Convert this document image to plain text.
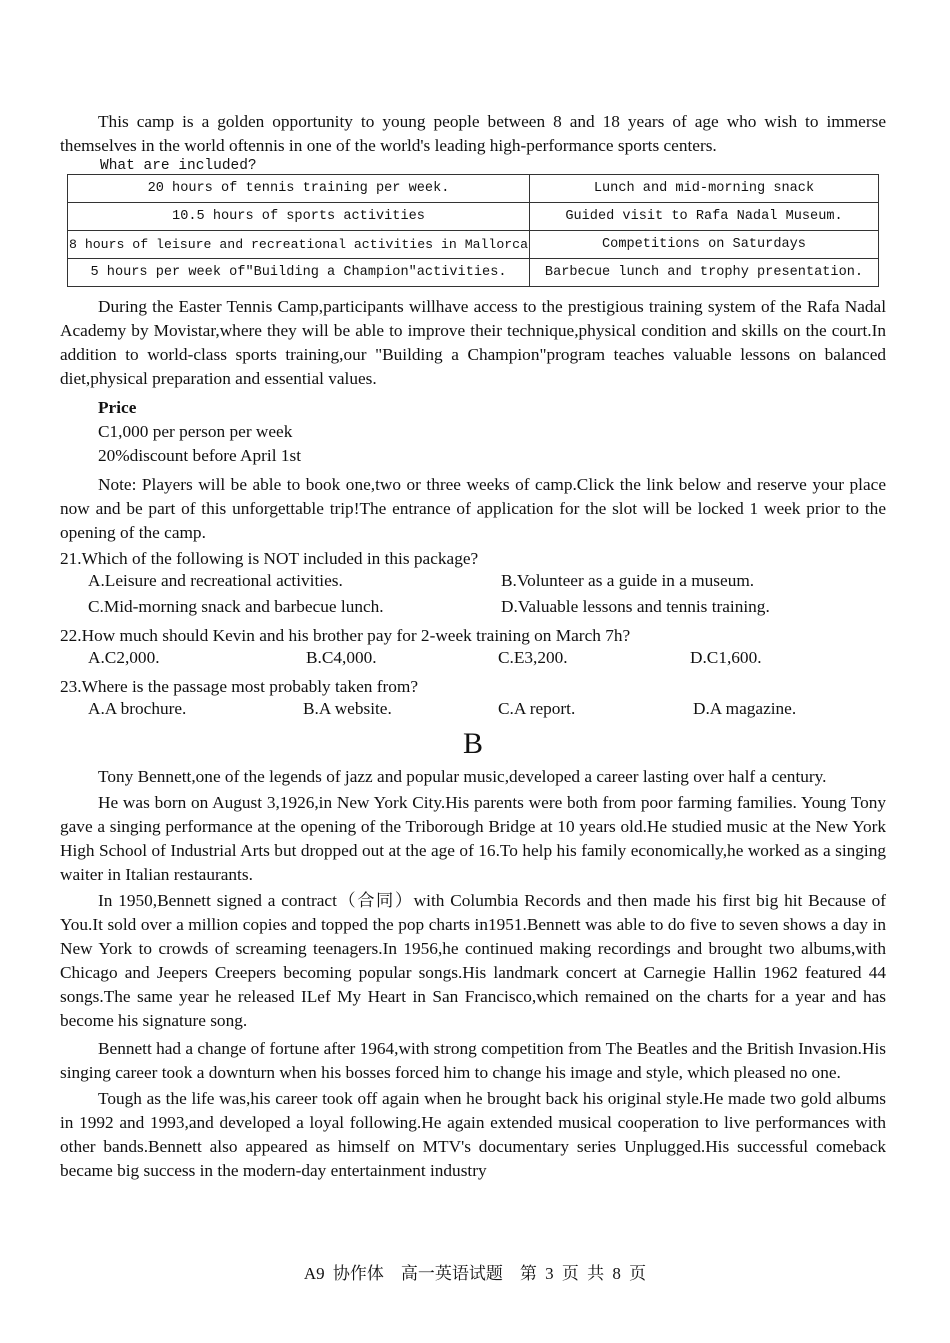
This camp is a golden opportunity to young people between 8 and 18 years of age who wish to immerse themselves in the world oftennis in one of the world's leading high-performance sports centers.

What are included?

20 hours of tennis training per week.	Lunch and mid-morning snack
10.5 hours of sports activities	Guided visit to Rafa Nadal Museum.
8 hours of leisure and recreational activities in Mallorca	Competitions on Saturdays
5 hours per week of"Building a Champion"activities.	Barbecue lunch and trophy presentation.

During the Easter Tennis Camp,participants willhave access to the prestigious training system of the Rafa Nadal Academy by Movistar,where they will be able to improve their technique,physical condition and skills on the court.In addition to world-class sports training,our "Building a Champion"program teaches valuable lessons on balanced diet,physical preparation and essential values.

Price

C1,000 per person per week

20%discount before April 1st

Note: Players will be able to book one,two or three weeks of camp.Click the link below and reserve your place now and be part of this unforgettable trip!The entrance of application for the slot will be locked 1 week prior to the opening of the camp.

21.Which of the following is NOT included in this package?

A.Leisure and recreational activities.	B.Volunteer as a guide in a museum.
C.Mid-morning snack and barbecue lunch.	D.Valuable lessons and tennis training.

22.How much should Kevin and his brother pay for 2-week training on March 7h?

A.C2,000.	B.C4,000.	C.E3,200.	D.C1,600.

23.Where is the passage most probably taken from?

A.A brochure.	B.A website.	C.A report.	D.A magazine.
B

Tony Bennett,one of the legends of jazz and popular music,developed a career lasting over half a century.

He was born on August 3,1926,in New York City.His parents were both from poor farming families. Young Tony gave a singing performance at the opening of the Triborough Bridge at 10 years old.He studied music at the New York High School of Industrial Arts but dropped out at the age of 16.To help his family economically,he worked as a singing waiter in Italian restaurants.

In 1950,Bennett signed a contract（合同）with Columbia Records and then made his first big hit Because of You.It sold over a million copies and topped the pop charts in1951.Bennett was able to do five to seven shows a day in New York to crowds of screaming teenagers.In 1956,he continued making recordings and brought two albums,with Chicago and Jeepers Creepers becoming popular songs.His landmark concert at Carnegie Hallin 1962 featured 44 songs.The same year he released ILef My Heart in San Francisco,which remained on the charts for a year and has become his signature song.

Bennett had a change of fortune after 1964,with strong competition from The Beatles and the British Invasion.His singing career took a downturn when his bosses forced him to change his image and style, which pleased no one.

Tough as the life was,his career took off again when he brought back his original style.He made two gold albums in 1992 and 1993,and developed a loyal following.He again extended musical cooperation to live performances with other bands.Bennett also appeared as himself on MTV's documentary series Unplugged.His successful comeback became big success in the modern-day entertainment industry

A9 协作体　高一英语试题　第 3 页 共 8 页
